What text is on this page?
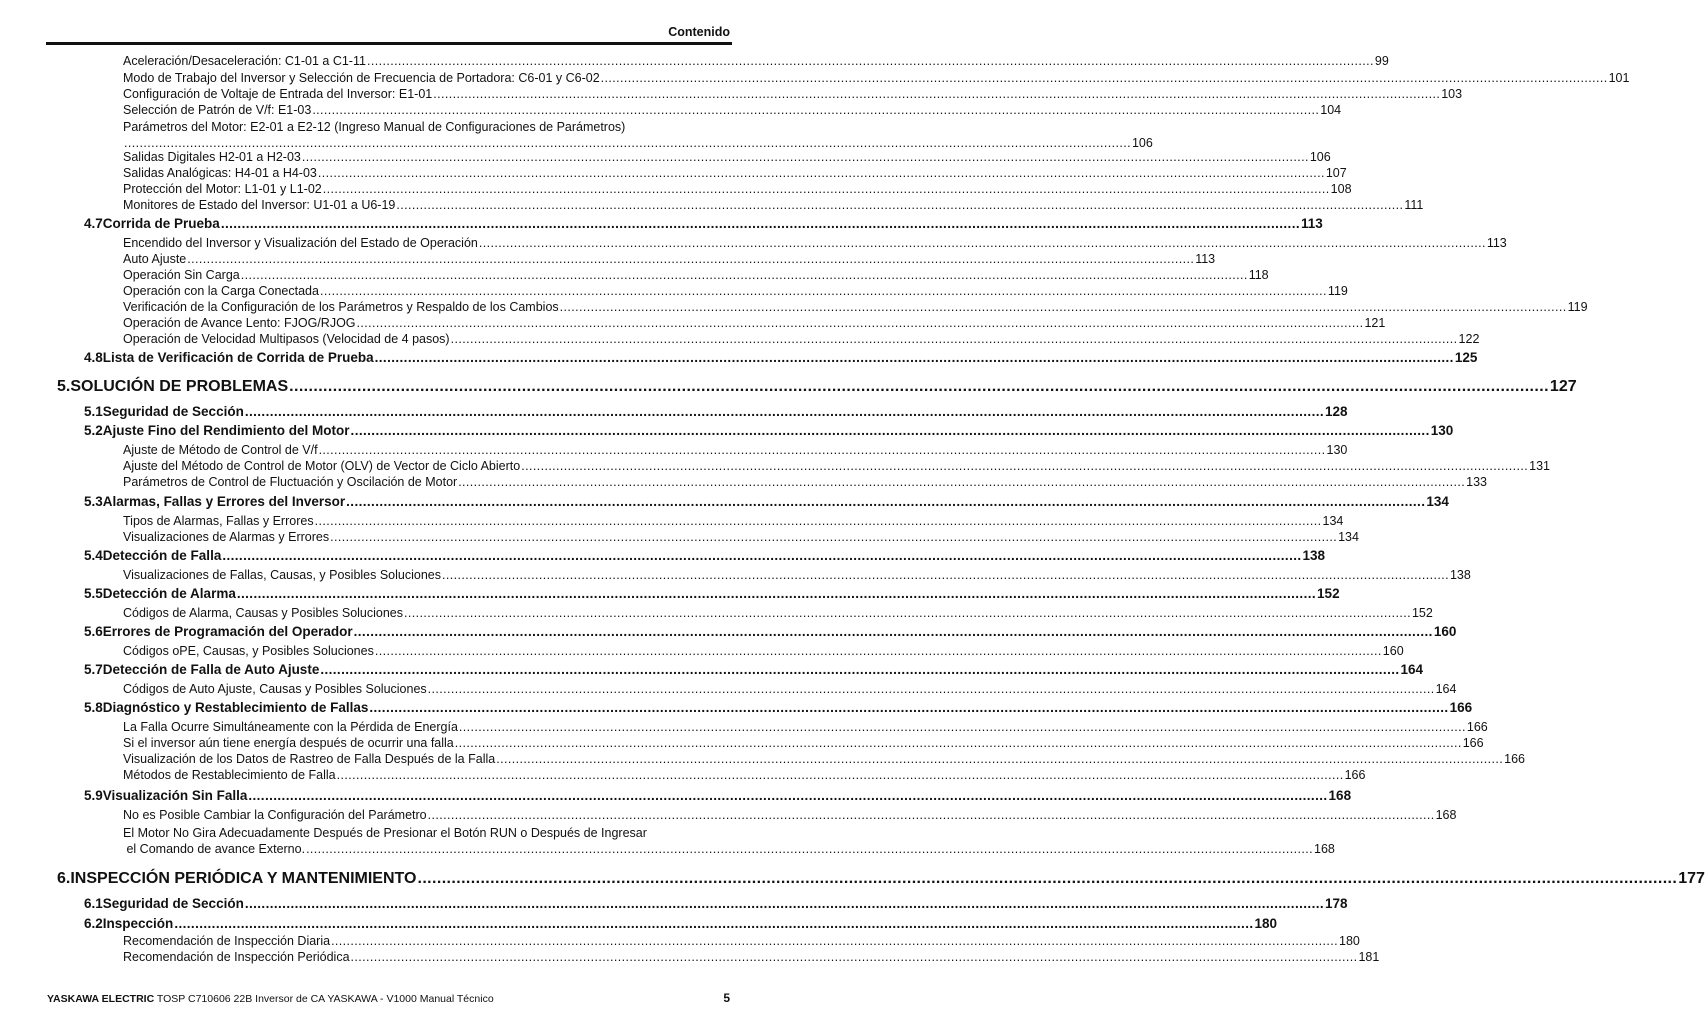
Contenido
Aceleración/Desaceleración: C1-01 a C1-11 .................................................................................................................................................................................................................................................................... 99
Modo de Trabajo del Inversor y Selección de Frecuencia de Portadora: C6-01 y C6-02 .................................................................................................................................................................................................................................................................... 101
Configuración de Voltaje de Entrada del Inversor: E1-01 .................................................................................................................................................................................................................................................................... 103
Selección de Patrón de V/f: E1-03 .................................................................................................................................................................................................................................................................... 104
Parámetros del Motor: E2-01 a E2-12 (Ingreso Manual de Configuraciones de Parámetros)
.................................................................................................................................................................................................................................................................... 106
Salidas Digitales H2-01 a H2-03 .................................................................................................................................................................................................................................................................... 106
Salidas Analógicas: H4-01 a H4-03 .................................................................................................................................................................................................................................................................... 107
Protección del Motor: L1-01 y L1-02 .................................................................................................................................................................................................................................................................... 108
Monitores de Estado del Inversor: U1-01 a U6-19 .................................................................................................................................................................................................................................................................... 111
4.7 Corrida de Prueba .................................................................................................................................................................................................................................................................... 113
Encendido del Inversor y Visualización del Estado de Operación .................................................................................................................................................................................................................................................................... 113
Auto Ajuste .................................................................................................................................................................................................................................................................... 113
Operación Sin Carga .................................................................................................................................................................................................................................................................... 118
Operación con la Carga Conectada .................................................................................................................................................................................................................................................................... 119
Verificación de la Configuración de los Parámetros y Respaldo de los Cambios .................................................................................................................................................................................................................................................................... 119
Operación de Avance Lento: FJOG/RJOG .................................................................................................................................................................................................................................................................... 121
Operación de Velocidad Multipasos (Velocidad de 4 pasos) .................................................................................................................................................................................................................................................................... 122
4.8 Lista de Verificación de Corrida de Prueba .................................................................................................................................................................................................................................................................... 125
5. SOLUCIÓN DE PROBLEMAS .................................................................................................................................................................................................................................................................... 127
5.1 Seguridad de Sección .................................................................................................................................................................................................................................................................... 128
5.2 Ajuste Fino del Rendimiento del Motor .................................................................................................................................................................................................................................................................... 130
Ajuste de Método de Control de V/f .................................................................................................................................................................................................................................................................... 130
Ajuste del Método de Control de Motor (OLV) de Vector de Ciclo Abierto .................................................................................................................................................................................................................................................................... 131
Parámetros de Control de Fluctuación y Oscilación de Motor .................................................................................................................................................................................................................................................................... 133
5.3 Alarmas, Fallas y Errores del Inversor .................................................................................................................................................................................................................................................................... 134
Tipos de Alarmas, Fallas y Errores .................................................................................................................................................................................................................................................................... 134
Visualizaciones de Alarmas y Errores .................................................................................................................................................................................................................................................................... 134
5.4 Detección de Falla .................................................................................................................................................................................................................................................................... 138
Visualizaciones de Fallas, Causas, y Posibles Soluciones .................................................................................................................................................................................................................................................................... 138
5.5 Detección de Alarma .................................................................................................................................................................................................................................................................... 152
Códigos de Alarma, Causas y Posibles Soluciones .................................................................................................................................................................................................................................................................... 152
5.6 Errores de Programación del Operador .................................................................................................................................................................................................................................................................... 160
Códigos oPE, Causas, y Posibles Soluciones .................................................................................................................................................................................................................................................................... 160
5.7 Detección de Falla de Auto Ajuste .................................................................................................................................................................................................................................................................... 164
Códigos de Auto Ajuste, Causas y Posibles Soluciones .................................................................................................................................................................................................................................................................... 164
5.8 Diagnóstico y Restablecimiento de Fallas .................................................................................................................................................................................................................................................................... 166
La Falla Ocurre Simultáneamente con la Pérdida de Energía .................................................................................................................................................................................................................................................................... 166
Si el inversor aún tiene energía después de ocurrir una falla .................................................................................................................................................................................................................................................................... 166
Visualización de los Datos de Rastreo de Falla Después de la Falla .................................................................................................................................................................................................................................................................... 166
Métodos de Restablecimiento de Falla .................................................................................................................................................................................................................................................................... 166
5.9 Visualización Sin Falla .................................................................................................................................................................................................................................................................... 168
No es Posible Cambiar la Configuración del Parámetro .................................................................................................................................................................................................................................................................... 168
El Motor No Gira Adecuadamente Después de Presionar el Botón RUN o Después de Ingresar
el Comando de avance Externo. .................................................................................................................................................................................................................................................................... 168
6. INSPECCIÓN PERIÓDICA Y MANTENIMIENTO .................................................................................................................................................................................................................................................................... 177
6.1 Seguridad de Sección .................................................................................................................................................................................................................................................................... 178
6.2 Inspección .................................................................................................................................................................................................................................................................... 180
Recomendación de Inspección Diaria .................................................................................................................................................................................................................................................................... 180
Recomendación de Inspección Periódica .................................................................................................................................................................................................................................................................... 181
YASKAWA ELECTRIC TOSP C710606 22B Inversor de CA YASKAWA - V1000 Manual Técnico	5
